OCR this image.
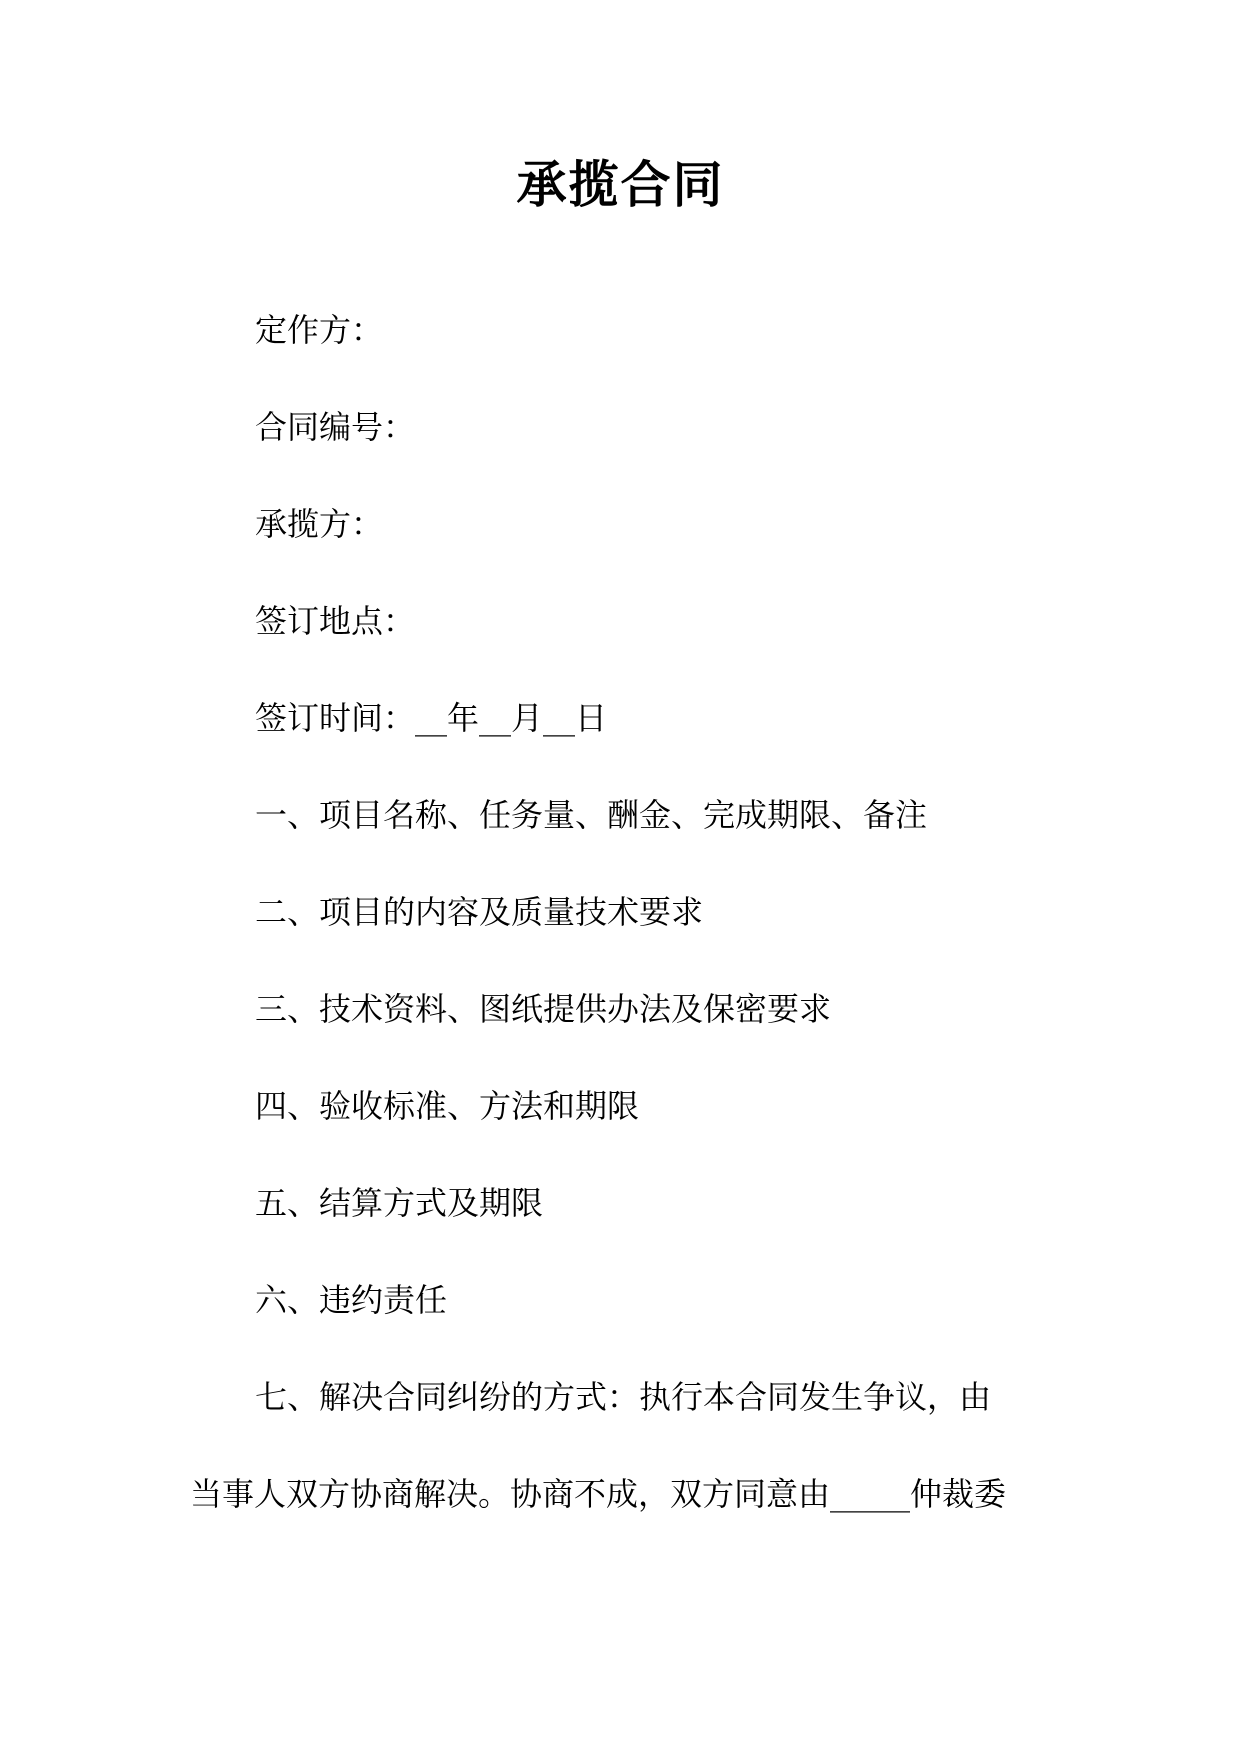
承揽合同
定作方：
合同编号：
承揽方：
签订地点：
签订时间：__年__月__日
一、项目名称、任务量、酬金、完成期限、备注
二、项目的内容及质量技术要求
三、技术资料、图纸提供办法及保密要求
四、验收标准、方法和期限
五、结算方式及期限
六、违约责任
七、解决合同纠纷的方式：执行本合同发生争议，由
当事人双方协商解决。协商不成，双方同意由_____仲裁委
